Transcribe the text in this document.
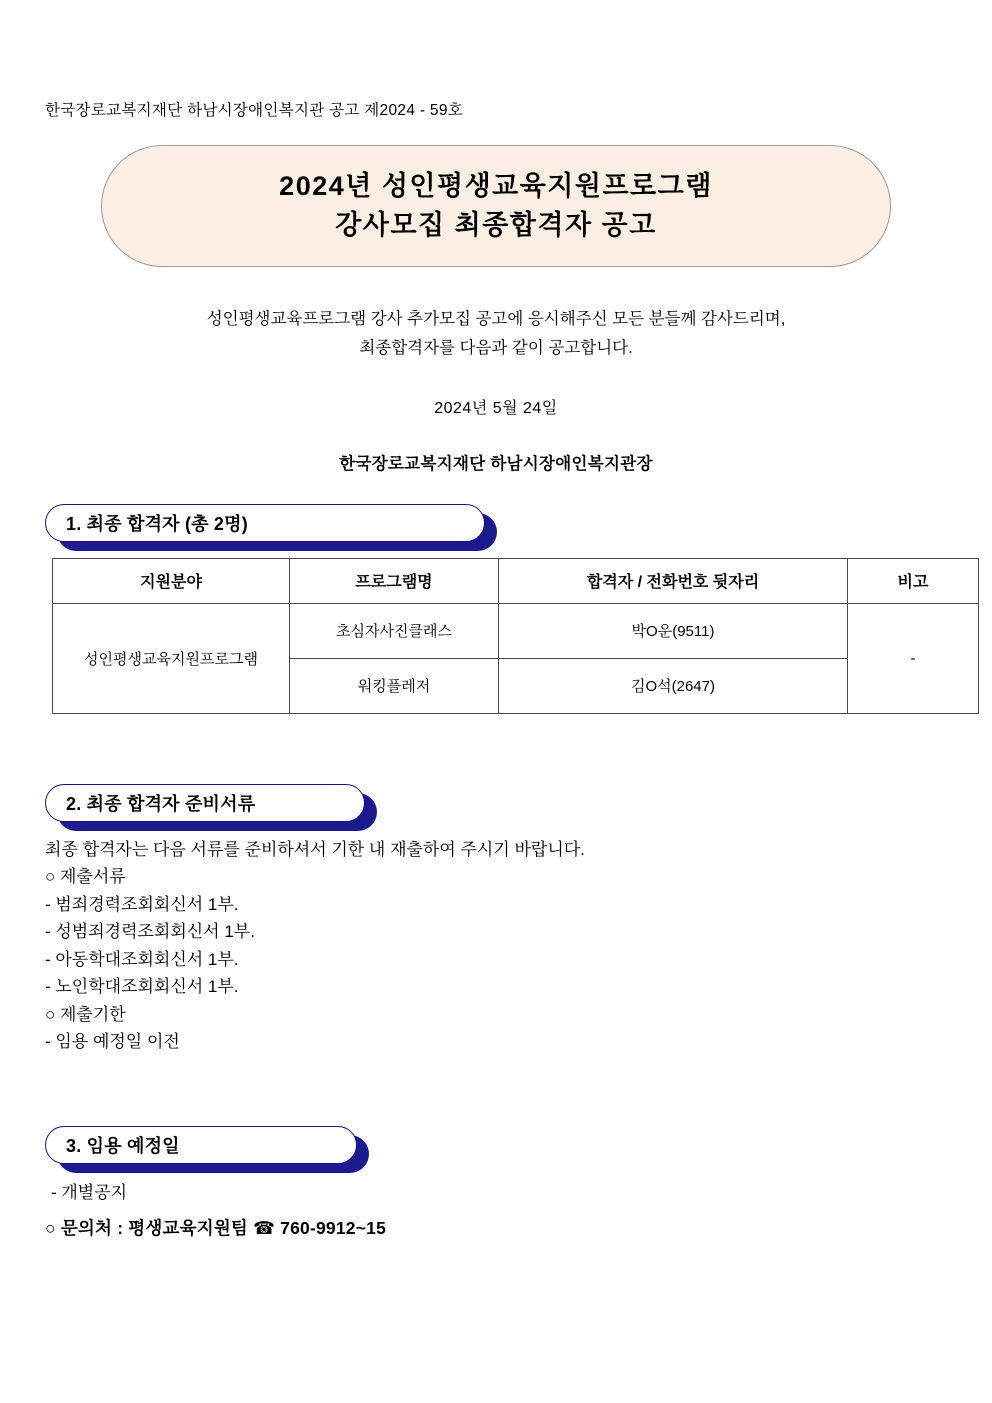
한국장로교복지재단 하남시장애인복지관 공고 제2024 - 59호
2024년 성인평생교육지원프로그램
강사모집 최종합격자 공고
성인평생교육프로그램 강사 추가모집 공고에 응시해주신 모든 분들께 감사드리며,
최종합격자를 다음과 같이 공고합니다.
2024년 5월 24일
한국장로교복지재단 하남시장애인복지관장
1. 최종 합격자 (총 2명)
지원분야	프로그램명	합격자 / 전화번호 뒷자리	비고
성인평생교육지원프로그램	초심자사진클래스	박O운(9511)	-
	워킹플레저	김O석(2647)	
2. 최종 합격자 준비서류
최종 합격자는 다음 서류를 준비하셔서 기한 내 재출하여 주시기 바랍니다.
○ 제출서류
- 범죄경력조회회신서 1부.
- 성범죄경력조회회신서 1부.
- 아동학대조회회신서 1부.
- 노인학대조회회신서 1부.
○ 제출기한
- 임용 예정일 이전
3. 임용 예정일
- 개별공지
○ 문의처 : 평생교육지원팀 ☎ 760-9912~15
